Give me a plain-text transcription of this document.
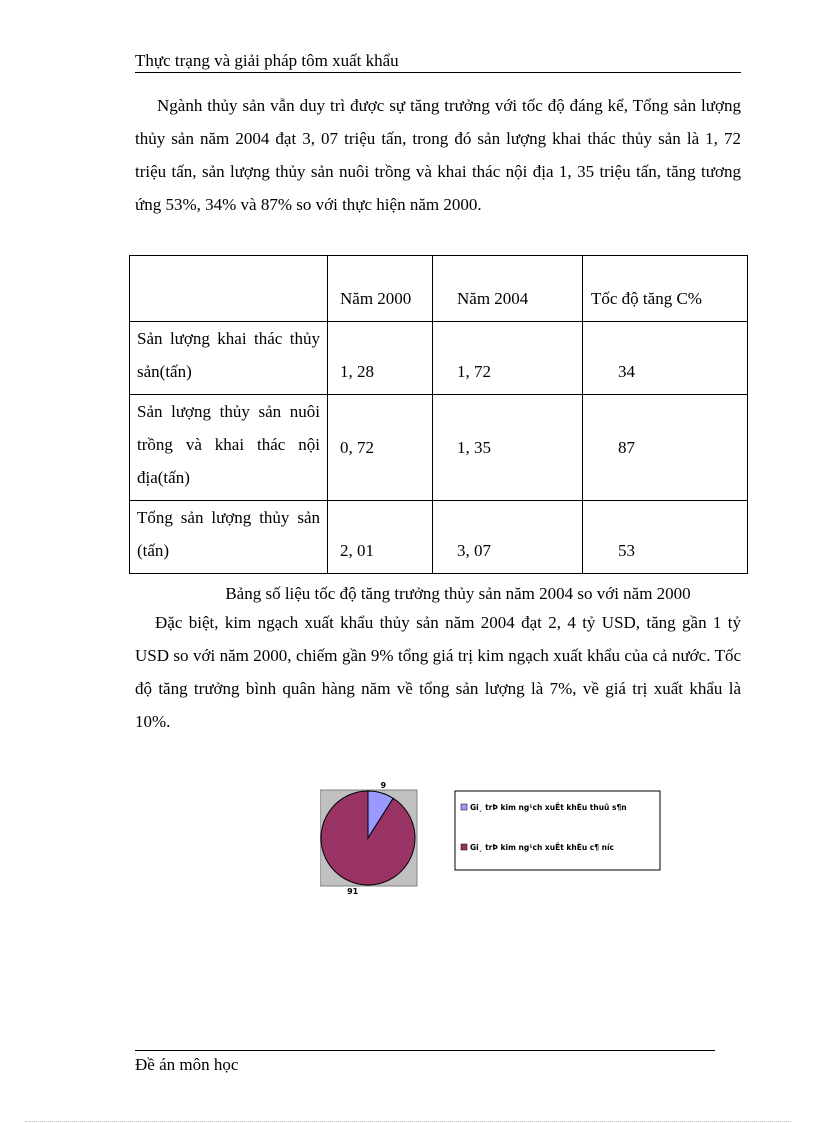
Thực trạng và giải pháp tôm xuất khẩu

Ngành thủy sản vẫn duy trì được sự tăng trưởng với tốc độ đáng kể, Tổng sản lượng thủy sản năm 2004 đạt 3, 07 triệu tấn, trong đó sản lượng khai thác thủy sản là 1, 72 triệu tấn, sản lượng thủy sản nuôi trồng và khai thác nội địa 1, 35 triệu tấn, tăng tương ứng 53%, 34% và 87% so với thực hiện năm 2000.

	Năm 2000	Năm 2004	Tốc độ tăng C%
Sản lượng khai thác thủy sản(tấn)	1, 28	1, 72	34
Sản lượng thủy sản nuôi trồng và khai thác nội địa(tấn)	0, 72	1, 35	87
Tổng sản lượng thủy sản (tấn)	2, 01	3, 07	53
Bảng số liệu tốc độ tăng trưởng thủy sản năm 2004 so với năm 2000

Đặc biệt, kim ngạch xuất khẩu thủy sản năm 2004 đạt 2, 4 tỷ USD, tăng gần 1 tỷ USD so với năm 2000, chiếm gần 9% tổng giá trị kim ngạch xuất khẩu của cả nước. Tốc độ tăng trưởng bình quân hàng năm về tổng sản lượng là 7%, về giá trị xuất khẩu là 10%.

9
91
Gi¸ trÞ kim ng¹ch xuÊt khÈu thuû s¶n
Gi¸ trÞ kim ng¹ch xuÊt khÈu c¶ níc
Đề án môn học
